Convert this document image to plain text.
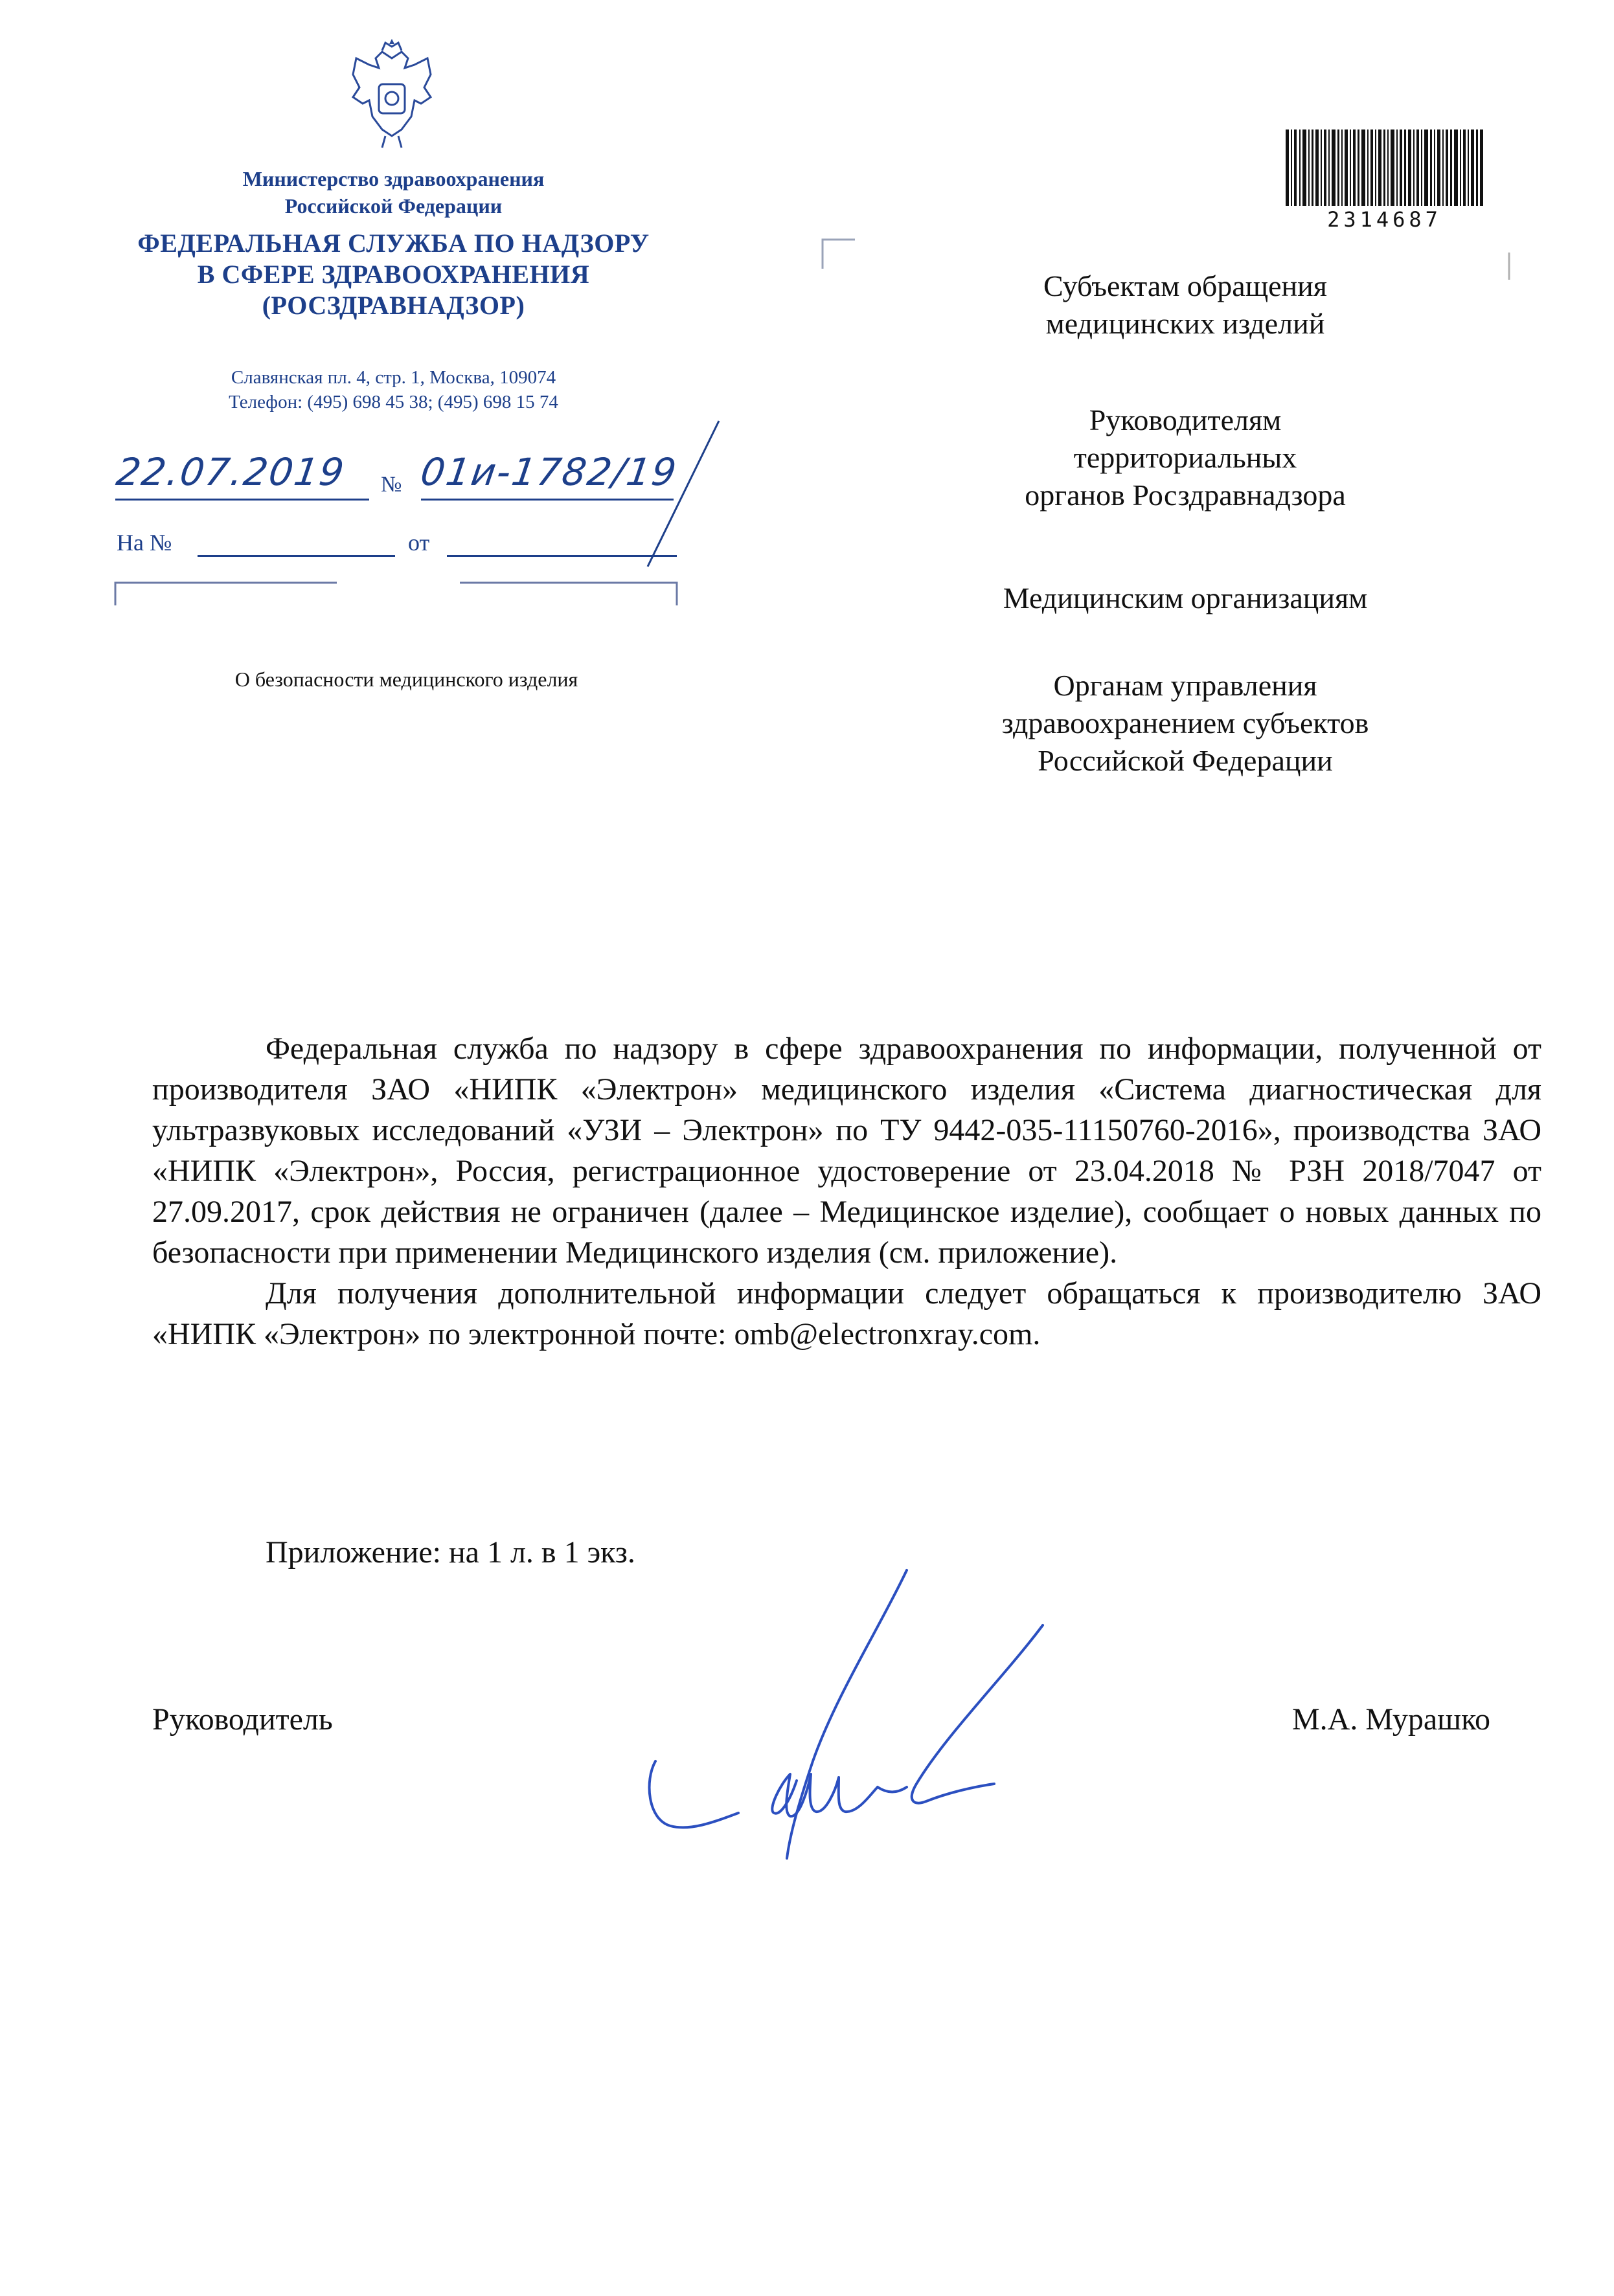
Министерство здравоохранения
Российской Федерации
ФЕДЕРАЛЬНАЯ СЛУЖБА ПО НАДЗОРУ
В СФЕРЕ ЗДРАВООХРАНЕНИЯ
(РОСЗДРАВНАДЗОР)
Славянская пл. 4, стр. 1, Москва, 109074
Телефон: (495) 698 45 38; (495) 698 15 74
22.07.2019	№ 01и-1782/19
На №	от
О безопасности медицинского изделия
2314687
Субъектам обращения
медицинских изделий
Руководителям
территориальных
органов Росздравнадзора
Медицинским организациям
Органам управления
здравоохранением субъектов
Российской Федерации

Федеральная служба по надзору в сфере здравоохранения по информации, полученной от производителя ЗАО «НИПК «Электрон» медицинского изделия «Система диагностическая для ультразвуковых исследований «УЗИ – Электрон» по ТУ 9442-035-11150760-2016», производства ЗАО «НИПК «Электрон», Россия, регистрационное удостоверение от 23.04.2018 № РЗН 2018/7047 от 27.09.2017, срок действия не ограничен (далее – Медицинское изделие), сообщает о новых данных по безопасности при применении Медицинского изделия (см. приложение).

Для получения дополнительной информации следует обращаться к производителю ЗАО «НИПК «Электрон» по электронной почте: omb@electronxray.com.

Приложение: на 1 л. в 1 экз.
Руководитель	М.А. Мурашко
